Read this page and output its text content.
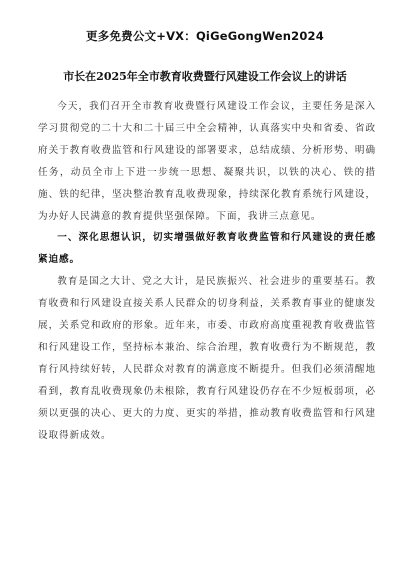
更多免费公文+VX：QiGeGongWen2024
市长在2025年全市教育收费暨行风建设工作会议上的讲话

今天，我们召开全市教育收费暨行风建设工作会议，主要任务是深入学习贯彻党的二十大和二十届三中全会精神，认真落实中央和省委、省政府关于教育收费监管和行风建设的部署要求，总结成绩、分析形势、明确任务，动员全市上下进一步统一思想、凝聚共识，以铁的决心、铁的措施、铁的纪律，坚决整治教育乱收费现象，持续深化教育系统行风建设，为办好人民满意的教育提供坚强保障。下面，我讲三点意见。

一、深化思想认识，切实增强做好教育收费监管和行风建设的责任感紧迫感。

教育是国之大计、党之大计，是民族振兴、社会进步的重要基石。教育收费和行风建设直接关系人民群众的切身利益，关系教育事业的健康发展，关系党和政府的形象。近年来，市委、市政府高度重视教育收费监管和行风建设工作，坚持标本兼治、综合治理，教育收费行为不断规范，教育行风持续好转，人民群众对教育的满意度不断提升。但我们必须清醒地看到，教育乱收费现象仍未根除，教育行风建设仍存在不少短板弱项，必须以更强的决心、更大的力度、更实的举措，推动教育收费监管和行风建设取得新成效。
